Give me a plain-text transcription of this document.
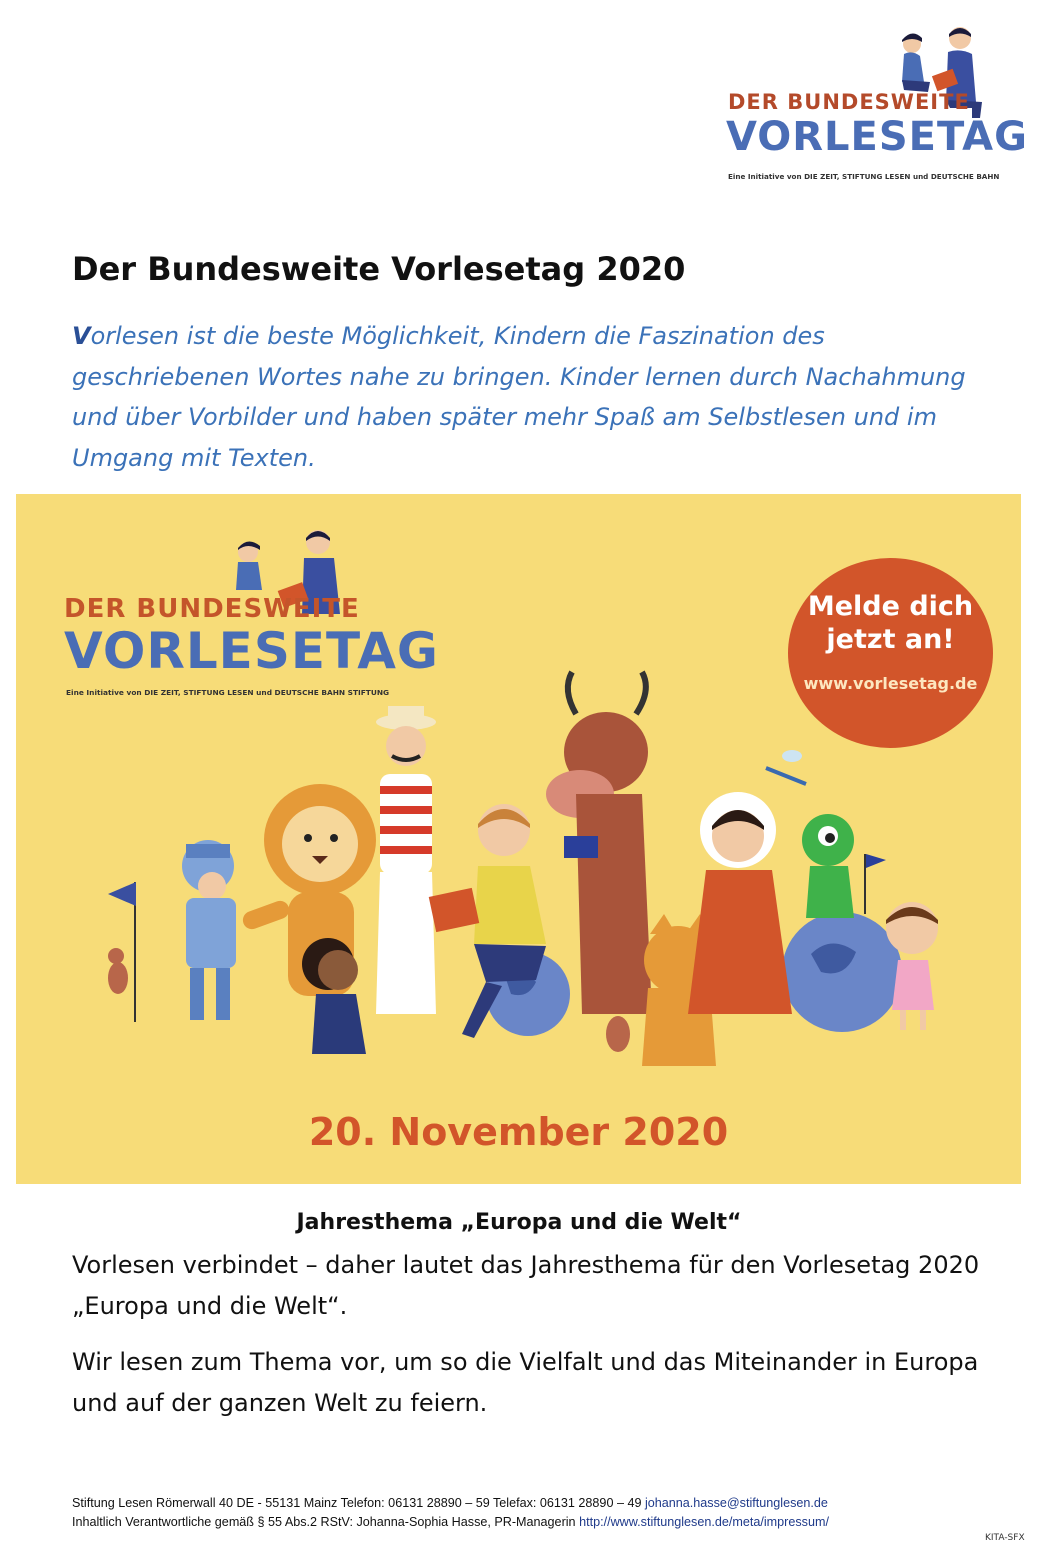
DER BUNDESWEITE
VORLESETAG
Eine Initiative von DIE ZEIT, STIFTUNG LESEN und DEUTSCHE BAHN
Der Bundesweite Vorlesetag 2020

Vorlesen ist die beste Möglichkeit, Kindern die Faszination des geschriebenen Wortes nahe zu bringen. Kinder lernen durch Nachahmung und über Vorbilder und haben später mehr Spaß am Selbstlesen und im Umgang mit Texten.

DER BUNDESWEITE
VORLESETAG
Eine Initiative von DIE ZEIT, STIFTUNG LESEN und DEUTSCHE BAHN STIFTUNG
Melde dich
jetzt an!
www.vorlesetag.de
20. November 2020
Jahresthema „Europa und die Welt“

Vorlesen verbindet – daher lautet das Jahresthema für den Vorlesetag 2020 „Europa und die Welt“.

Wir lesen zum Thema vor, um so die Vielfalt und das Miteinander in Europa und auf der ganzen Welt zu feiern.

Stiftung Lesen Römerwall 40 DE - 55131 Mainz Telefon: 06131 28890 – 59 Telefax: 06131 28890 – 49 johanna.hasse@stiftunglesen.de
Inhaltlich Verantwortliche gemäß § 55 Abs.2 RStV: Johanna-Sophia Hasse, PR-Managerin http://www.stiftunglesen.de/meta/impressum/
KITA-SFX
